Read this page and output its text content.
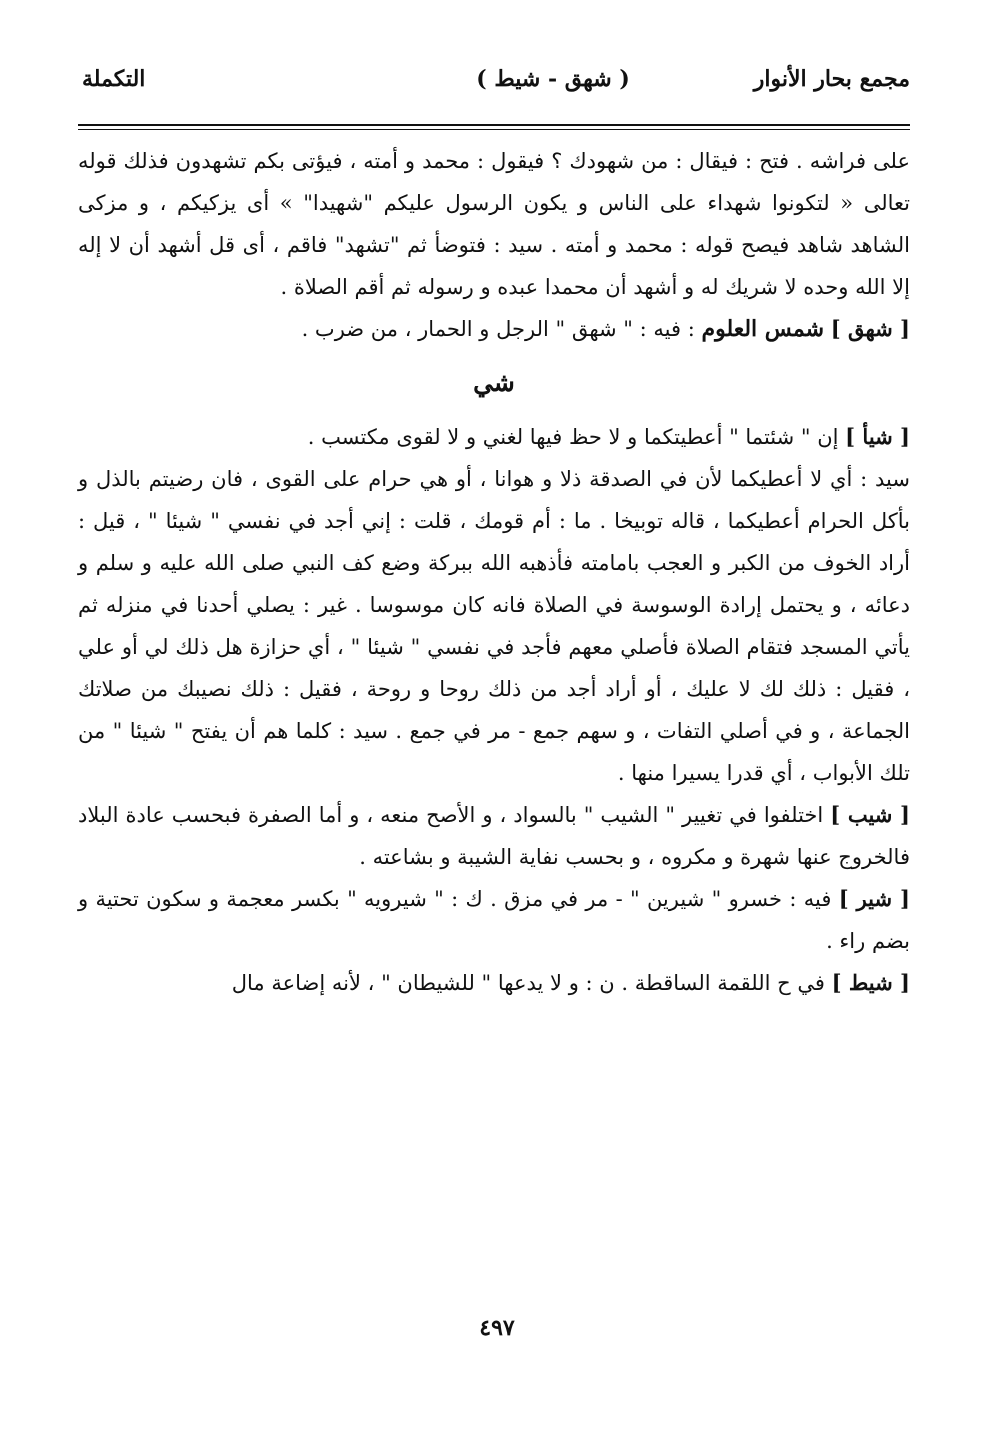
مجمع بحار الأنوار
( شهق - شيط )
التكملة

على فراشه . فتح : فيقال : من شهودك ؟ فيقول : محمد و أمته ، فيؤتى بكم تشهدون فذلك قوله تعالى « لتكونوا شهداء على الناس و يكون الرسول عليكم "شهيدا" » أى يزكيكم ، و مزكى الشاهد شاهد فيصح قوله : محمد و أمته . سيد : فتوضأ ثم "تشهد" فاقم ، أى قل أشهد أن لا إله إلا الله وحده لا شريك له و أشهد أن محمدا عبده و رسوله ثم أقم الصلاة .

[ شهق ] شمس العلوم : فيه : " شهق " الرجل و الحمار ، من ضرب .

شي

[ شيأ ] إن " شئتما " أعطيتكما و لا حظ فيها لغني و لا لقوى مكتسب .

سيد : أي لا أعطيكما لأن في الصدقة ذلا و هوانا ، أو هي حرام على القوى ، فان رضيتم بالذل و بأكل الحرام أعطيكما ، قاله توبيخا . ما : أم قومك ، قلت : إني أجد في نفسي " شيئا " ، قيل : أراد الخوف من الكبر و العجب بامامته فأذهبه الله ببركة وضع كف النبي صلى الله عليه و سلم و دعائه ، و يحتمل إرادة الوسوسة في الصلاة فانه كان موسوسا . غير : يصلي أحدنا في منزله ثم يأتي المسجد فتقام الصلاة فأصلي معهم فأجد في نفسي " شيئا " ، أي حزازة هل ذلك لي أو علي ، فقيل : ذلك لك لا عليك ، أو أراد أجد من ذلك روحا و روحة ، فقيل : ذلك نصيبك من صلاتك الجماعة ، و في أصلي التفات ، و سهم جمع - مر في جمع . سيد : كلما هم أن يفتح " شيئا " من تلك الأبواب ، أي قدرا يسيرا منها .

[ شيب ] اختلفوا في تغيير " الشيب " بالسواد ، و الأصح منعه ، و أما الصفرة فبحسب عادة البلاد فالخروج عنها شهرة و مكروه ، و بحسب نفاية الشيبة و بشاعته .

[ شير ] فيه : خسرو " شيرين " - مر في مزق . ك : " شيرويه " بكسر معجمة و سكون تحتية و بضم راء .

[ شيط ] في ح اللقمة الساقطة . ن : و لا يدعها " للشيطان " ، لأنه إضاعة مال

٤٩٧
